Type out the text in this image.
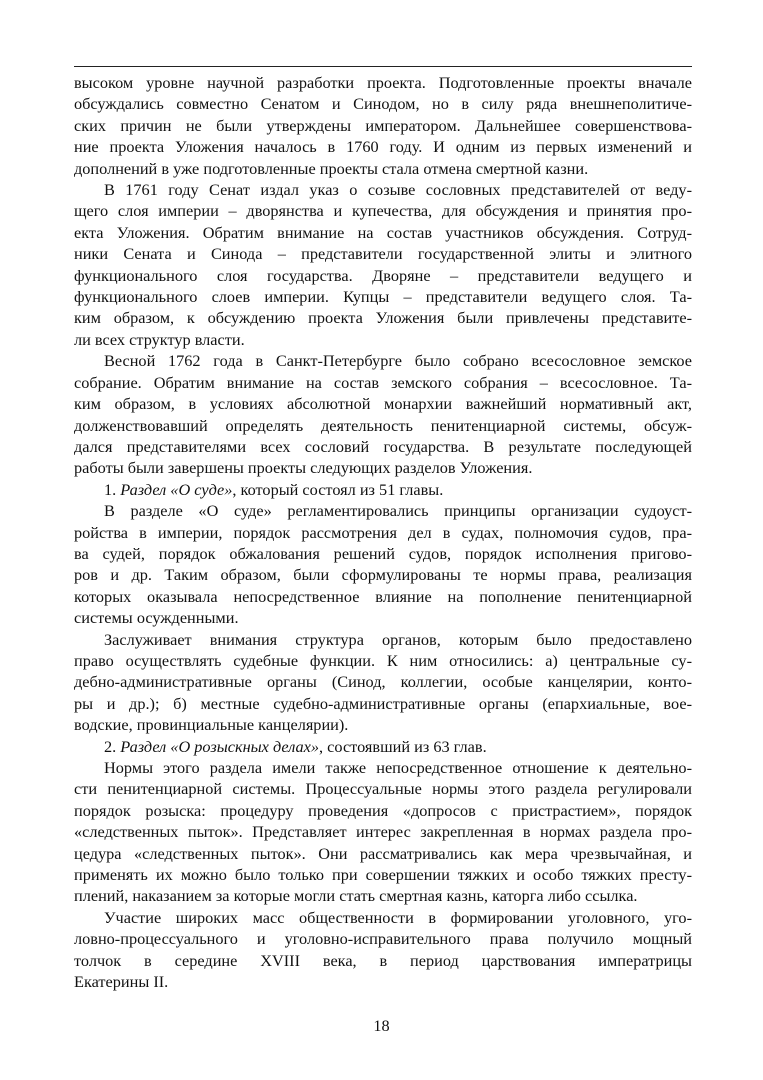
высоком уровне научной разработки проекта. Подготовленные проекты вначале
обсуждались совместно Сенатом и Синодом, но в силу ряда внешнеполитиче-
ских причин не были утверждены императором. Дальнейшее совершенствова-
ние проекта Уложения началось в 1760 году. И одним из первых изменений и
дополнений в уже подготовленные проекты стала отмена смертной казни.
В 1761 году Сенат издал указ о созыве сословных представителей от веду-
щего слоя империи – дворянства и купечества, для обсуждения и принятия про-
екта Уложения. Обратим внимание на состав участников обсуждения. Сотруд-
ники Сената и Синода – представители государственной элиты и элитного
функционального слоя государства. Дворяне – представители ведущего и
функционального слоев империи. Купцы – представители ведущего слоя. Та-
ким образом, к обсуждению проекта Уложения были привлечены представите-
ли всех структур власти.
Весной 1762 года в Санкт-Петербурге было собрано всесословное земское
собрание. Обратим внимание на состав земского собрания – всесословное. Та-
ким образом, в условиях абсолютной монархии важнейший нормативный акт,
долженствовавший определять деятельность пенитенциарной системы, обсуж-
дался представителями всех сословий государства. В результате последующей
работы были завершены проекты следующих разделов Уложения.
1. Раздел «О суде», который состоял из 51 главы.
В разделе «О суде» регламентировались принципы организации судоуст-
ройства в империи, порядок рассмотрения дел в судах, полномочия судов, пра-
ва судей, порядок обжалования решений судов, порядок исполнения пригово-
ров и др. Таким образом, были сформулированы те нормы права, реализация
которых оказывала непосредственное влияние на пополнение пенитенциарной
системы осужденными.
Заслуживает внимания структура органов, которым было предоставлено
право осуществлять судебные функции. К ним относились: а) центральные су-
дебно-административные органы (Синод, коллегии, особые канцелярии, конто-
ры и др.); б) местные судебно-административные органы (епархиальные, вое-
водские, провинциальные канцелярии).
2. Раздел «О розыскных делах», состоявший из 63 глав.
Нормы этого раздела имели также непосредственное отношение к деятельно-
сти пенитенциарной системы. Процессуальные нормы этого раздела регулировали
порядок розыска: процедуру проведения «допросов с пристрастием», порядок
«следственных пыток». Представляет интерес закрепленная в нормах раздела про-
цедура «следственных пыток». Они рассматривались как мера чрезвычайная, и
применять их можно было только при совершении тяжких и особо тяжких престу-
плений, наказанием за которые могли стать смертная казнь, каторга либо ссылка.
Участие широких масс общественности в формировании уголовного, уго-
ловно-процессуального и уголовно-исправительного права получило мощный
толчок в середине XVIII века, в период царствования императрицы
Екатерины II.
18
